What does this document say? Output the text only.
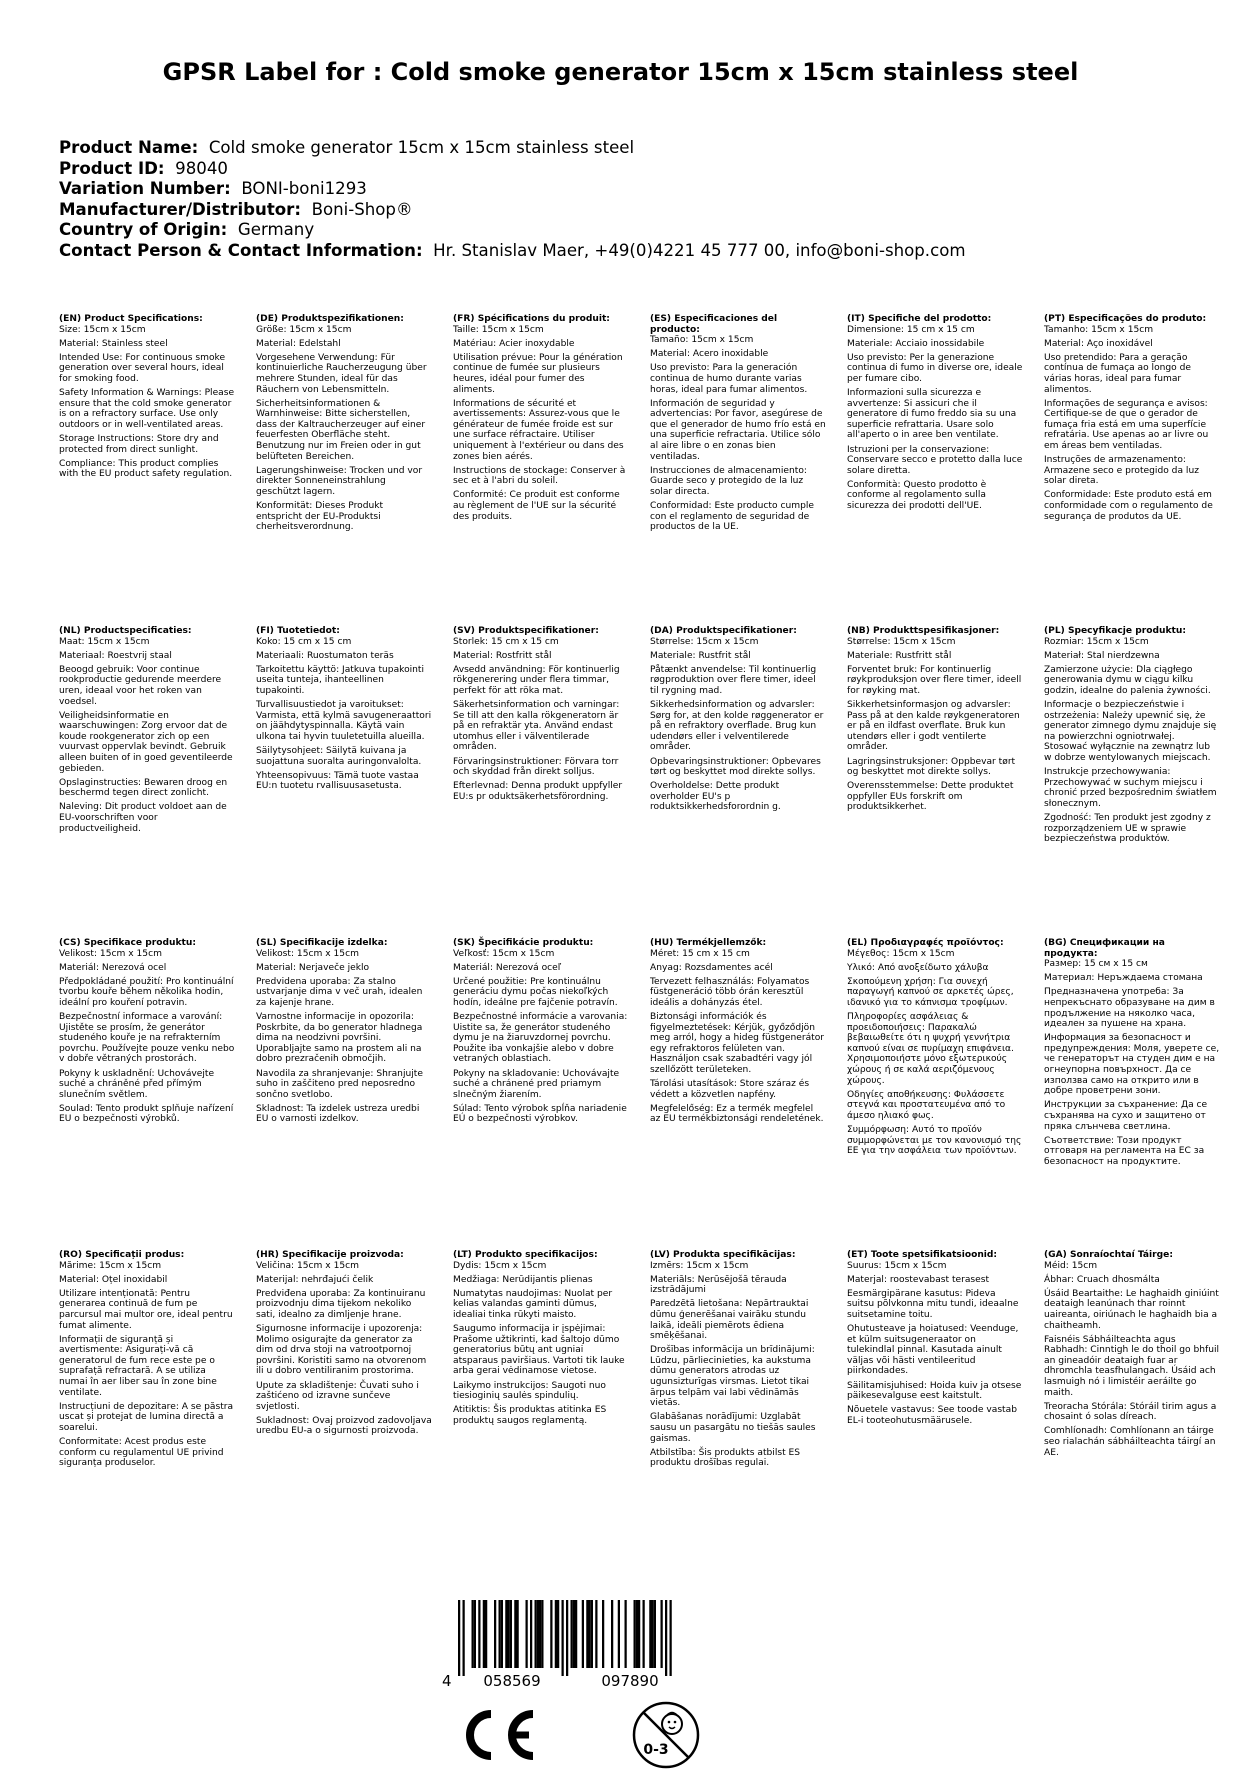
GPSR Label for : Cold smoke generator 15cm x 15cm stainless steel
Product Name: Cold smoke generator 15cm x 15cm stainless steel
Product ID: 98040
Variation Number: BONI-boni1293
Manufacturer/Distributor: Boni-Shop®
Country of Origin: Germany
Contact Person & Contact Information: Hr. Stanislav Maer, +49(0)4221 45 777 00, info@boni-shop.com
(EN) Product Specifications:
Size: 15cm x 15cm
Material: Stainless steel
Intended Use: For continuous smoke generation over several hours, ideal for smoking food.
Safety Information & Warnings: Please ensure that the cold smoke generator is on a refractory surface. Use only outdoors or in well-ventilated areas.
Storage Instructions: Store dry and protected from direct sunlight.
Compliance: This product complies with the EU product safety regulation.
(DE) Produktspezifikationen:
Größe: 15cm x 15cm
Material: Edelstahl
Vorgesehene Verwendung: Für kontinuierliche Raucherzeugung über mehrere Stunden, ideal für das Räuchern von Lebensmitteln.
Sicherheitsinformationen & Warnhinweise: Bitte sicherstellen, dass der Kaltraucherzeuger auf einer feuerfesten Oberfläche steht. Benutzung nur im Freien oder in gut belüfteten Bereichen.
Lagerungshinweise: Trocken und vor direkter Sonneneinstrahlung geschützt lagern.
Konformität: Dieses Produkt entspricht der EU-Produktsi cherheitsverordnung.
(FR) Spécifications du produit:
Taille: 15cm x 15cm
Matériau: Acier inoxydable
Utilisation prévue: Pour la génération continue de fumée sur plusieurs heures, idéal pour fumer des aliments.
Informations de sécurité et avertissements: Assurez-vous que le générateur de fumée froide est sur une surface réfractaire. Utiliser uniquement à l'extérieur ou dans des zones bien aérés.
Instructions de stockage: Conserver à sec et à l'abri du soleil.
Conformité: Ce produit est conforme au règlement de l'UE sur la sécurité des produits.
(ES) Especificaciones del producto:
Tamaño: 15cm x 15cm
Material: Acero inoxidable
Uso previsto: Para la generación continua de humo durante varias horas, ideal para fumar alimentos.
Información de seguridad y advertencias: Por favor, asegúrese de que el generador de humo frío está en una superficie refractaria. Utilice sólo al aire libre o en zonas bien ventiladas.
Instrucciones de almacenamiento: Guarde seco y protegido de la luz solar directa.
Conformidad: Este producto cumple con el reglamento de seguridad de productos de la UE.
(IT) Specifiche del prodotto:
Dimensione: 15 cm x 15 cm
Materiale: Acciaio inossidabile
Uso previsto: Per la generazione continua di fumo in diverse ore, ideale per fumare cibo.
Informazioni sulla sicurezza e avvertenze: Si assicuri che il generatore di fumo freddo sia su una superficie refrattaria. Usare solo all'aperto o in aree ben ventilate.
Istruzioni per la conservazione: Conservare secco e protetto dalla luce solare diretta.
Conformità: Questo prodotto è conforme al regolamento sulla sicurezza dei prodotti dell'UE.
(PT) Especificações do produto:
Tamanho: 15cm x 15cm
Material: Aço inoxidável
Uso pretendido: Para a geração contínua de fumaça ao longo de várias horas, ideal para fumar alimentos.
Informações de segurança e avisos: Certifique-se de que o gerador de fumaça fria está em uma superfície refratária. Use apenas ao ar livre ou em áreas bem ventiladas.
Instruções de armazenamento: Armazene seco e protegido da luz solar direta.
Conformidade: Este produto está em conformidade com o regulamento de segurança de produtos da UE.
(NL) Productspecificaties:
Maat: 15cm x 15cm
Materiaal: Roestvrij staal
Beoogd gebruik: Voor continue rookproductie gedurende meerdere uren, ideaal voor het roken van voedsel.
Veiligheidsinformatie en waarschuwingen: Zorg ervoor dat de koude rookgenerator zich op een vuurvast oppervlak bevindt. Gebruik alleen buiten of in goed geventileerde gebieden.
Opslaginstructies: Bewaren droog en beschermd tegen direct zonlicht.
Naleving: Dit product voldoet aan de EU-voorschriften voor productveiligheid.
(FI) Tuotetiedot:
Koko: 15 cm x 15 cm
Materiaali: Ruostumaton teräs
Tarkoitettu käyttö: Jatkuva tupakointi useita tunteja, ihanteellinen tupakointi.
Turvallisuustiedot ja varoitukset: Varmista, että kylmä savugeneraattori on jäähdytyspinnalla. Käytä vain ulkona tai hyvin tuuletetuilla alueilla.
Säilytysohjeet: Säilytä kuivana ja suojattuna suoralta auringonvalolta.
Yhteensopivuus: Tämä tuote vastaa EU:n tuotetu rvallisuusasetusta.
(SV) Produktspecifikationer:
Storlek: 15 cm x 15 cm
Material: Rostfritt stål
Avsedd användning: För kontinuerlig rökgenerering under flera timmar, perfekt för att röka mat.
Säkerhetsinformation och varningar: Se till att den kalla rökgeneratorn är på en refraktär yta. Använd endast utomhus eller i välventilerade områden.
Förvaringsinstruktioner: Förvara torr och skyddad från direkt solljus.
Efterlevnad: Denna produkt uppfyller EU:s pr oduktsäkerhetsförordning.
(DA) Produktspecifikationer:
Størrelse: 15cm x 15cm
Materiale: Rustfrit stål
Påtænkt anvendelse: Til kontinuerlig røgproduktion over flere timer, ideel til rygning mad.
Sikkerhedsinformation og advarsler: Sørg for, at den kolde røggenerator er på en refraktory overflade. Brug kun udendørs eller i velventilerede områder.
Opbevaringsinstruktioner: Opbevares tørt og beskyttet mod direkte sollys.
Overholdelse: Dette produkt overholder EU's p roduktsikkerhedsforordnin g.
(NB) Produkttspesifikasjoner:
Størrelse: 15cm x 15cm
Materiale: Rustfritt stål
Forventet bruk: For kontinuerlig røykproduksjon over flere timer, ideell for røyking mat.
Sikkerhetsinformasjon og advarsler: Pass på at den kalde røykgeneratoren er på en ildfast overflate. Bruk kun utendørs eller i godt ventilerte områder.
Lagringsinstruksjoner: Oppbevar tørt og beskyttet mot direkte sollys.
Overensstemmelse: Dette produktet oppfyller EUs forskrift om produktsikkerhet.
(PL) Specyfikacje produktu:
Rozmiar: 15cm x 15cm
Materiał: Stal nierdzewna
Zamierzone użycie: Dla ciągłego generowania dymu w ciągu kilku godzin, idealne do palenia żywności.
Informacje o bezpieczeństwie i ostrzeżenia: Należy upewnić się, że generator zimnego dymu znajduje się na powierzchni ogniotrwałej. Stosować wyłącznie na zewnątrz lub w dobrze wentylowanych miejscach.
Instrukcje przechowywania: Przechowywać w suchym miejscu i chronić przed bezpośrednim światłem słonecznym.
Zgodność: Ten produkt jest zgodny z rozporządzeniem UE w sprawie bezpieczeństwa produktów.
(CS) Specifikace produktu:
Velikost: 15cm x 15cm
Materiál: Nerezová ocel
Předpokládané použití: Pro kontinuální tvorbu kouře během několika hodin, ideální pro kouření potravin.
Bezpečnostní informace a varování: Ujistěte se prosím, že generátor studeného kouře je na refrakterním povrchu. Používejte pouze venku nebo v dobře větraných prostorách.
Pokyny k uskladnění: Uchovávejte suché a chráněné před přímým slunečním světlem.
Soulad: Tento produkt splňuje nařízení EU o bezpečnosti výrobků.
(SL) Specifikacije izdelka:
Velikost: 15cm x 15cm
Material: Nerjaveče jeklo
Predvidena uporaba: Za stalno ustvarjanje dima v več urah, idealen za kajenje hrane.
Varnostne informacije in opozorila: Poskrbite, da bo generator hladnega dima na neodzivni površini. Uporabljajte samo na prostem ali na dobro prezračenih območjih.
Navodila za shranjevanje: Shranjujte suho in zaščiteno pred neposredno sončno svetlobo.
Skladnost: Ta izdelek ustreza uredbi EU o varnosti izdelkov.
(SK) Špecifikácie produktu:
Veľkosť: 15cm x 15cm
Materiál: Nerezová oceľ
Určené použitie: Pre kontinuálnu generáciu dymu počas niekoľkých hodín, ideálne pre fajčenie potravín.
Bezpečnostné informácie a varovania: Uistite sa, že generátor studeného dymu je na žiaruvzdornej povrchu. Použite iba vonkajšie alebo v dobre vetraných oblastiach.
Pokyny na skladovanie: Uchovávajte suché a chránené pred priamym slnečným žiarením.
Súlad: Tento výrobok spĺňa nariadenie EÚ o bezpečnosti výrobkov.
(HU) Termékjellemzők:
Méret: 15 cm x 15 cm
Anyag: Rozsdamentes acél
Tervezett felhasználás: Folyamatos füstgeneráció több órán keresztül ideális a dohányzás étel.
Biztonsági információk és figyelmeztetések: Kérjük, győződjön meg arról, hogy a hideg füstgenerátor egy refraktoros felületen van. Használjon csak szabadtéri vagy jól szellőzött területeken.
Tárolási utasítások: Store száraz és védett a közvetlen napfény.
Megfelelőség: Ez a termék megfelel az EU termékbiztonsági rendeletének.
(EL) Προδιαγραφές προϊόντος:
Μέγεθος: 15cm x 15cm
Υλικό: Από ανοξείδωτο χάλυβα
Σκοπούμενη χρήση: Για συνεχή παραγωγή καπνού σε αρκετές ώρες, ιδανικό για το κάπνισμα τροφίμων.
Πληροφορίες ασφάλειας & προειδοποιήσεις: Παρακαλώ βεβαιωθείτε ότι η ψυχρή γεννήτρια καπνού είναι σε πυρίμαχη επιφάνεια. Χρησιμοποιήστε μόνο εξωτερικούς χώρους ή σε καλά αεριζόμενους χώρους.
Οδηγίες αποθήκευσης: Φυλάσσετε στεγνά και προστατευμένα από το άμεσο ηλιακό φως.
Συμμόρφωση: Αυτό το προϊόν συμμορφώνεται με τον κανονισμό της ΕΕ για την ασφάλεια των προϊόντων.
(BG) Спецификации на продукта:
Размер: 15 см x 15 см
Материал: Неръждаема стомана
Предназначена употреба: За непрекъснато образуване на дим в продължение на няколко часа, идеален за пушене на храна.
Информация за безопасност и предупреждения: Моля, уверете се, че генераторът на студен дим е на огнеупорна повърхност. Да се използва само на открито или в добре проветрени зони.
Инструкции за съхранение: Да се съхранява на сухо и защитено от пряка слънчева светлина.
Съответствие: Този продукт отговаря на регламента на ЕС за безопасност на продуктите.
(RO) Specificații produs:
Mărime: 15cm x 15cm
Material: Oțel inoxidabil
Utilizare intenționată: Pentru generarea continuă de fum pe parcursul mai multor ore, ideal pentru fumat alimente.
Informații de siguranță și avertismente: Asigurați-vă că generatorul de fum rece este pe o suprafață refractară. A se utiliza numai în aer liber sau în zone bine ventilate.
Instrucțiuni de depozitare: A se păstra uscat și protejat de lumina directă a soarelui.
Conformitate: Acest produs este conform cu regulamentul UE privind siguranța produselor.
(HR) Specifikacije proizvoda:
Veličina: 15cm x 15cm
Materijal: nehrđajući čelik
Predviđena uporaba: Za kontinuiranu proizvodnju dima tijekom nekoliko sati, idealno za dimljenje hrane.
Sigurnosne informacije i upozorenja: Molimo osigurajte da generator za dim od drva stoji na vatrootpornoj površini. Koristiti samo na otvorenom ili u dobro ventiliranim prostorima.
Upute za skladištenje: Čuvati suho i zaštićeno od izravne sunčeve svjetlosti.
Sukladnost: Ovaj proizvod zadovoljava uredbu EU-a o sigurnosti proizvoda.
(LT) Produkto specifikacijos:
Dydis: 15cm x 15cm
Medžiaga: Nerūdijantis plienas
Numatytas naudojimas: Nuolat per kelias valandas gaminti dūmus, idealiai tinka rūkyti maisto.
Saugumo informacija ir įspėjimai: Prašome užtikrinti, kad šaltojo dūmo generatorius būtų ant ugniai atsparaus paviršiaus. Vartoti tik lauke arba gerai vėdinamose vietose.
Laikymo instrukcijos: Saugoti nuo tiesioginių saulės spindulių.
Atitiktis: Šis produktas atitinka ES produktų saugos reglamentą.
(LV) Produkta specifikācijas:
Izmērs: 15cm x 15cm
Materiāls: Nerūsējošā tērauda izstrādājumi
Paredzētā lietošana: Nepārtrauktai dūmu ģenerēšanai vairāku stundu laikā, ideāli piemērots ēdiena smēķēšanai.
Drošības informācija un brīdinājumi: Lūdzu, pārliecinieties, ka aukstuma dūmu generators atrodas uz ugunsizturīgas virsmas. Lietot tikai ārpus telpām vai labi vēdināmās vietās.
Glabāšanas norādījumi: Uzglabāt sausu un pasargātu no tiešās saules gaismas.
Atbilstība: Šis produkts atbilst ES produktu drošības regulai.
(ET) Toote spetsifikatsioonid:
Suurus: 15cm x 15cm
Materjal: roostevabast terasest
Eesmärgipärane kasutus: Pideva suitsu põlvkonna mitu tundi, ideaalne suitsetamine toitu.
Ohutusteave ja hoiatused: Veenduge, et külm suitsugeneraator on tulekindlal pinnal. Kasutada ainult väljas või hästi ventileeritud piirkondades.
Säilitamisjuhised: Hoida kuiv ja otsese päikesevalguse eest kaitstult.
Nõuetele vastavus: See toode vastab EL-i tooteohutusmäärusele.
(GA) Sonraíochtaí Táirge:
Méid: 15cm
Ábhar: Cruach dhosmálta
Úsáid Beartaithe: Le haghaidh giniúint deataigh leanúnach thar roinnt uaireanta, oiriúnach le haghaidh bia a chaitheamh.
Faisnéis Sábháilteachta agus Rabhadh: Cinntigh le do thoil go bhfuil an gineadóir deataigh fuar ar dhromchla teasfhulangach. Úsáid ach lasmuigh nó i limistéir aeráilte go maith.
Treoracha Stórála: Stóráil tirim agus a chosaint ó solas díreach.
Comhlíonadh: Comhlíonann an táirge seo rialachán sábháilteachta táirgí an AE.
4 058569	097890
0-3
